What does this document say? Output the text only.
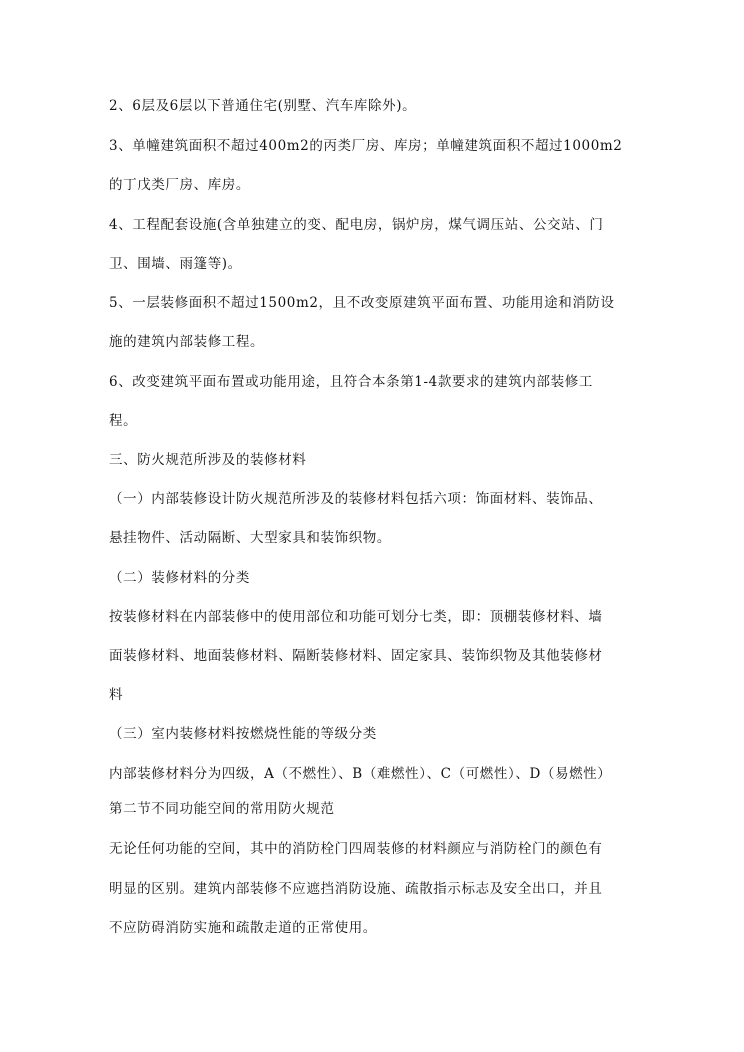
2、6层及6层以下普通住宅(别墅、汽车库除外)。
3、单幢建筑面积不超过400m2的丙类厂房、库房；单幢建筑面积不超过1000m2
的丁戊类厂房、库房。
4、工程配套设施(含单独建立的变、配电房，锅炉房，煤气调压站、公交站、门
卫、围墙、雨篷等)。
5、一层装修面积不超过1500m2，且不改变原建筑平面布置、功能用途和消防设
施的建筑内部装修工程。
6、改变建筑平面布置或功能用途，且符合本条第1-4款要求的建筑内部装修工
程。
三、防火规范所涉及的装修材料
（一）内部装修设计防火规范所涉及的装修材料包括六项：饰面材料、装饰品、
悬挂物件、活动隔断、大型家具和装饰织物。
（二）装修材料的分类
按装修材料在内部装修中的使用部位和功能可划分七类，即：顶棚装修材料、墙
面装修材料、地面装修材料、隔断装修材料、固定家具、装饰织物及其他装修材
料
（三）室内装修材料按燃烧性能的等级分类
内部装修材料分为四级，A（不燃性）、B（难燃性）、C（可燃性）、D（易燃性）
第二节不同功能空间的常用防火规范
无论任何功能的空间，其中的消防栓门四周装修的材料颜应与消防栓门的颜色有
明显的区别。建筑内部装修不应遮挡消防设施、疏散指示标志及安全出口，并且
不应防碍消防实施和疏散走道的正常使用。
